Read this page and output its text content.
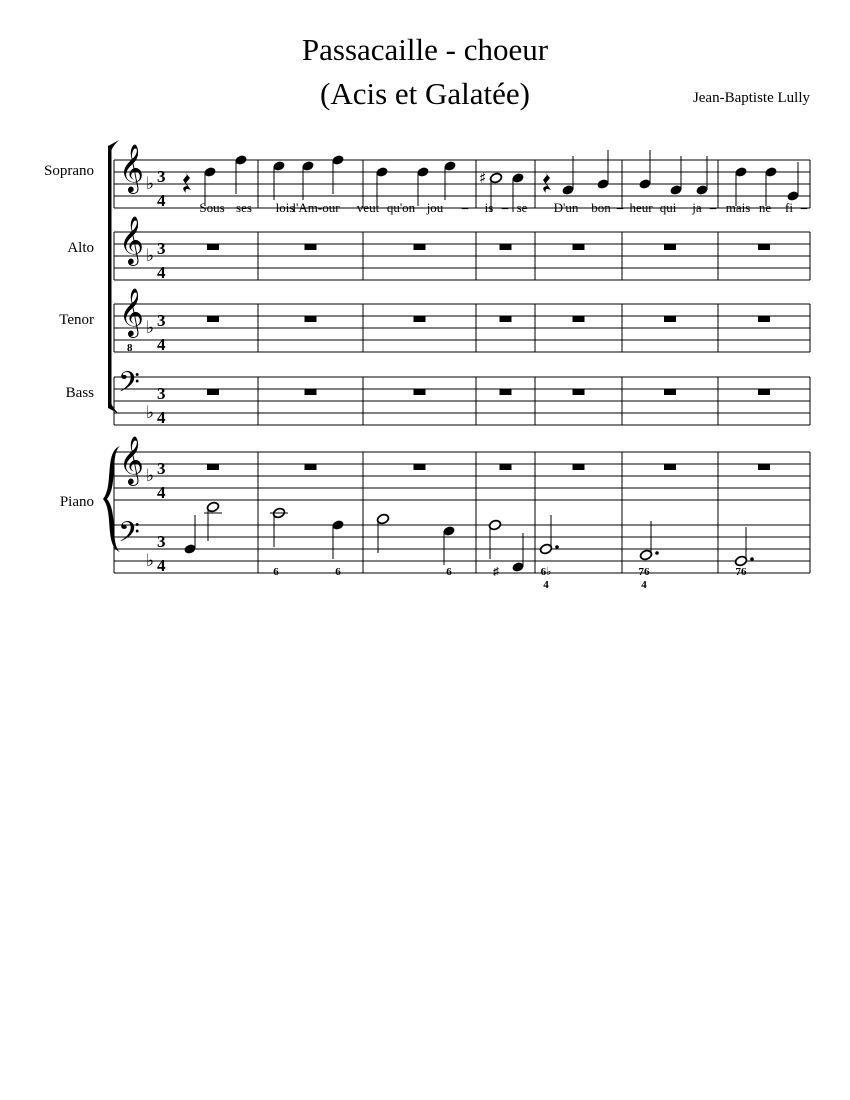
Passacaille - choeur
(Acis et Galatée)	Jean-Baptiste Lully
Soprano
Alto
Tenor
Bass
Piano
𝄞
𝄞
𝄞
8
𝄢
𝄞
𝄢
♭
♭
♭
♭
♭
♭
3
4
3
4
3
4
3
4
3
4
3
4
♯
Sous ses lois
l'Am-our veut qu'on jou – is – se D'un bon – heur qui ja – mais ne fi –
6	6	6	♯	6♭
4
76
4
76
